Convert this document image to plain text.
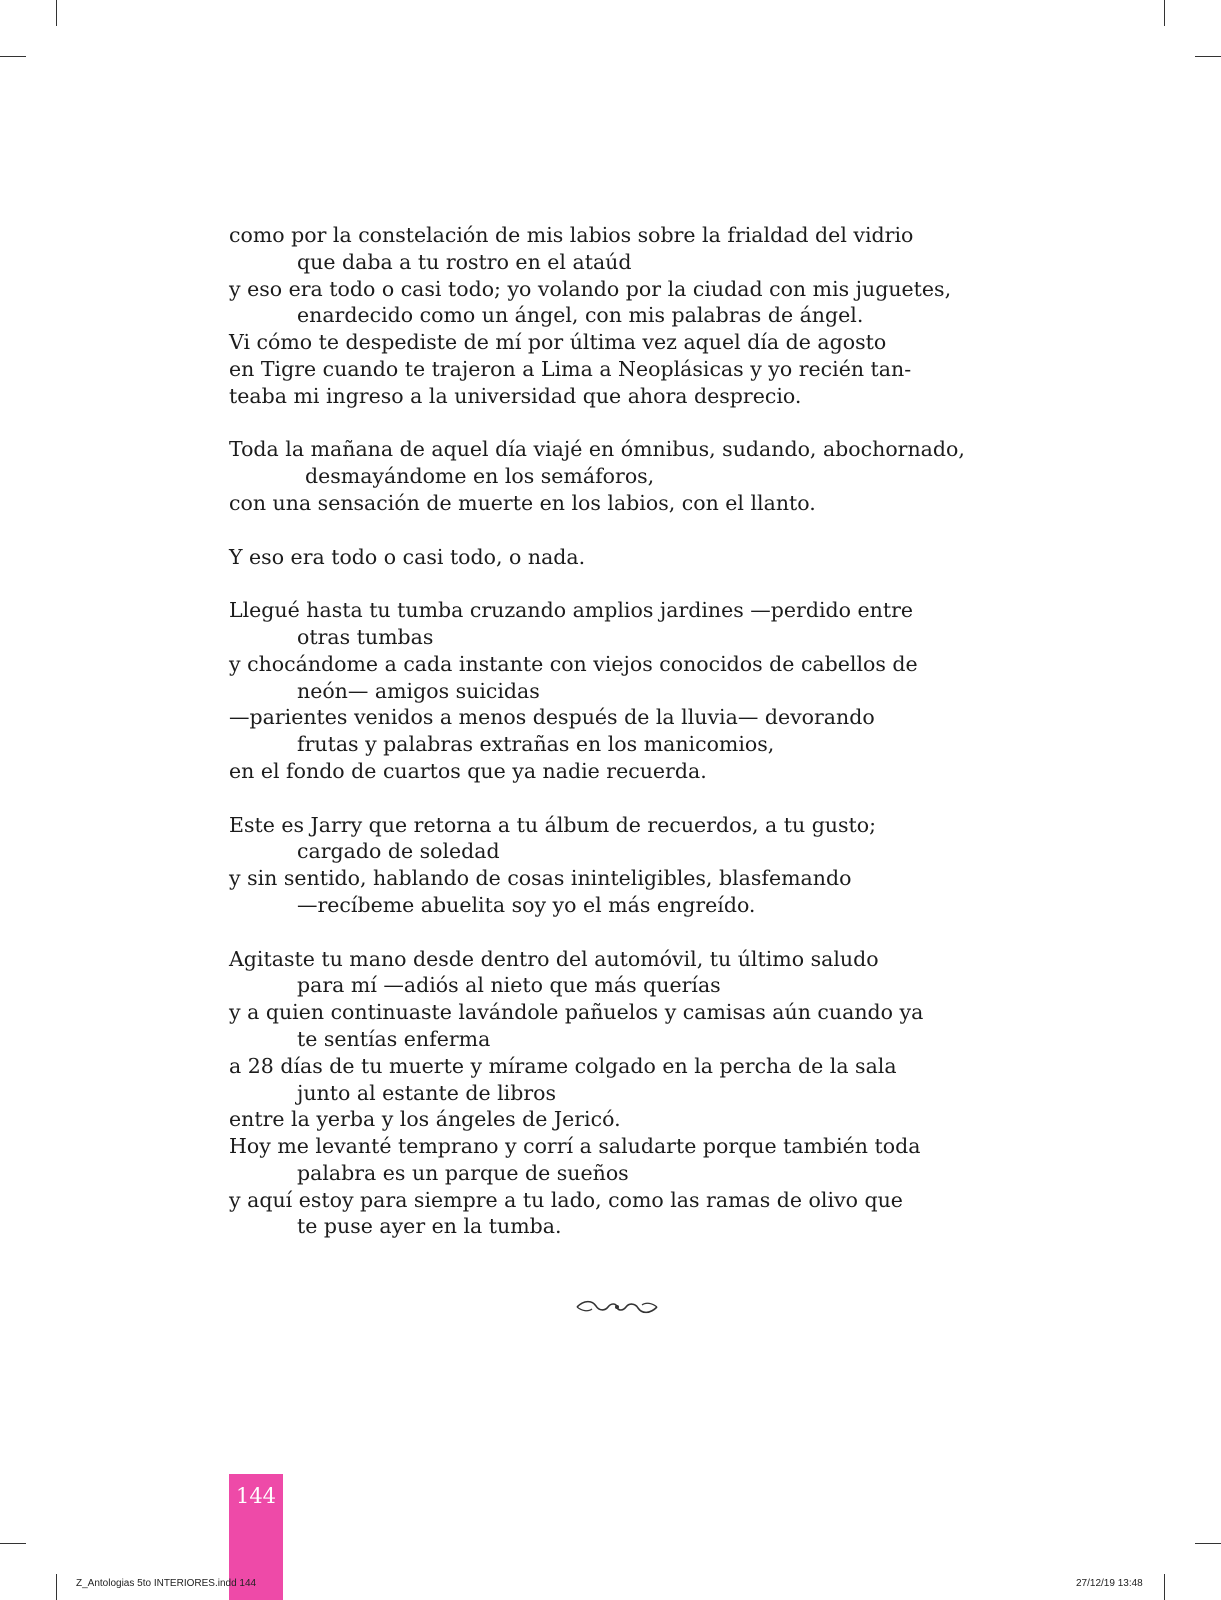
como por la constelación de mis labios sobre la frialdad del vidrio
que daba a tu rostro en el ataúd
y eso era todo o casi todo; yo volando por la ciudad con mis juguetes,
enardecido como un ángel, con mis palabras de ángel.
Vi cómo te despediste de mí por última vez aquel día de agosto
en Tigre cuando te trajeron a Lima a Neoplásicas y yo recién tan-
teaba mi ingreso a la universidad que ahora desprecio.
Toda la mañana de aquel día viajé en ómnibus, sudando, abochornado,
desmayándome en los semáforos,
con una sensación de muerte en los labios, con el llanto.
Y eso era todo o casi todo, o nada.
Llegué hasta tu tumba cruzando amplios jardines —perdido entre
otras tumbas
y chocándome a cada instante con viejos conocidos de cabellos de
neón— amigos suicidas
—parientes venidos a menos después de la lluvia— devorando
frutas y palabras extrañas en los manicomios,
en el fondo de cuartos que ya nadie recuerda.
Este es Jarry que retorna a tu álbum de recuerdos, a tu gusto;
cargado de soledad
y sin sentido, hablando de cosas ininteligibles, blasfemando
—recíbeme abuelita soy yo el más engreído.
Agitaste tu mano desde dentro del automóvil, tu último saludo
para mí —adiós al nieto que más querías
y a quien continuaste lavándole pañuelos y camisas aún cuando ya
te sentías enferma
a 28 días de tu muerte y mírame colgado en la percha de la sala
junto al estante de libros
entre la yerba y los ángeles de Jericó.
Hoy me levanté temprano y corrí a saludarte porque también toda
palabra es un parque de sueños
y aquí estoy para siempre a tu lado, como las ramas de olivo que
te puse ayer en la tumba.
144
Z_Antologias 5to INTERIORES.indd 144	27/12/19 13:48
